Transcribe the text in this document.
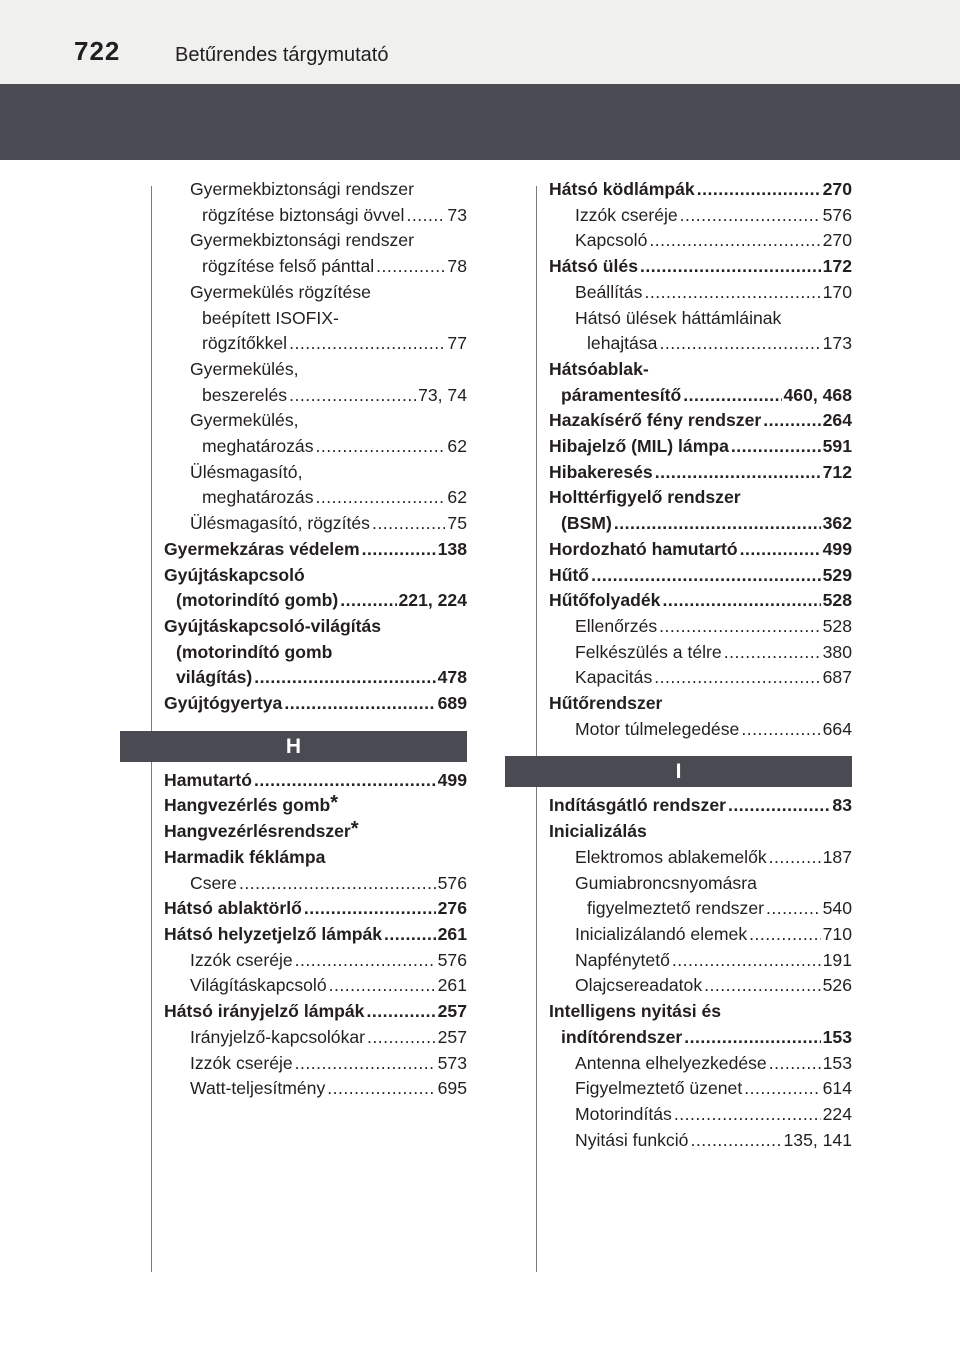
722	Betűrendes tárgymutató
Gyermekbiztonsági rendszer
rögzítése biztonsági övvel . . . 73
Gyermekbiztonsági rendszer
rögzítése felső pánttal . . .	78
Gyermekülés rögzítése
beépített ISOFIX-
rögzítőkkel . . .	77
Gyermekülés,
beszerelés . . .	73, 74
Gyermekülés,
meghatározás . . .	62
Ülésmagasító,
meghatározás . . .	62
Ülésmagasító, rögzítés . . .	75
Gyermekzáras védelem . . .	138
Gyújtáskapcsoló
(motorindító gomb) . . .	221, 224
Gyújtáskapcsoló-világítás
(motorindító gomb
világítás) . . .	478
Gyújtógyertya . . .	689
H
Hamutartó . . .	499
Hangvezérlés gomb*
Hangvezérlésrendszer*
Harmadik féklámpa
Csere . . .	576
Hátsó ablaktörlő . . .	276
Hátsó helyzetjelző lámpák . . .	261
Izzók cseréje . . .	576
Világításkapcsoló . . .	261
Hátsó irányjelző lámpák . . .	257
Irányjelző-kapcsolókar . . .	257
Izzók cseréje . . .	573
Watt-teljesítmény . . .	695
Hátsó ködlámpák . . .	270
Izzók cseréje . . .	576
Kapcsoló . . .	270
Hátsó ülés . . .	172
Beállítás . . .	170
Hátsó ülések háttámláinak
lehajtása . . .	173
Hátsóablak-
páramentesítő . . .	460, 468
Hazakísérő fény rendszer . . .	264
Hibajelző (MIL) lámpa . . .	591
Hibakeresés . . .	712
Holttérfigyelő rendszer
(BSM) . . .	362
Hordozható hamutartó . . .	499
Hűtő . . .	529
Hűtőfolyadék . . .	528
Ellenőrzés . . .	528
Felkészülés a télre . . .	380
Kapacitás . . .	687
Hűtőrendszer
Motor túlmelegedése . . .	664
I
Indításgátló rendszer . . .	83
Inicializálás
Elektromos ablakemelők . . .	187
Gumiabroncsnyomásra
figyelmeztető rendszer . . .	540
Inicializálandó elemek . . .	710
Napfénytető . . .	191
Olajcsereadatok . . .	526
Intelligens nyitási és
indítórendszer . . .	153
Antenna elhelyezkedése . . .	153
Figyelmeztető üzenet . . .	614
Motorindítás . . .	224
Nyitási funkció . . .	135, 141
